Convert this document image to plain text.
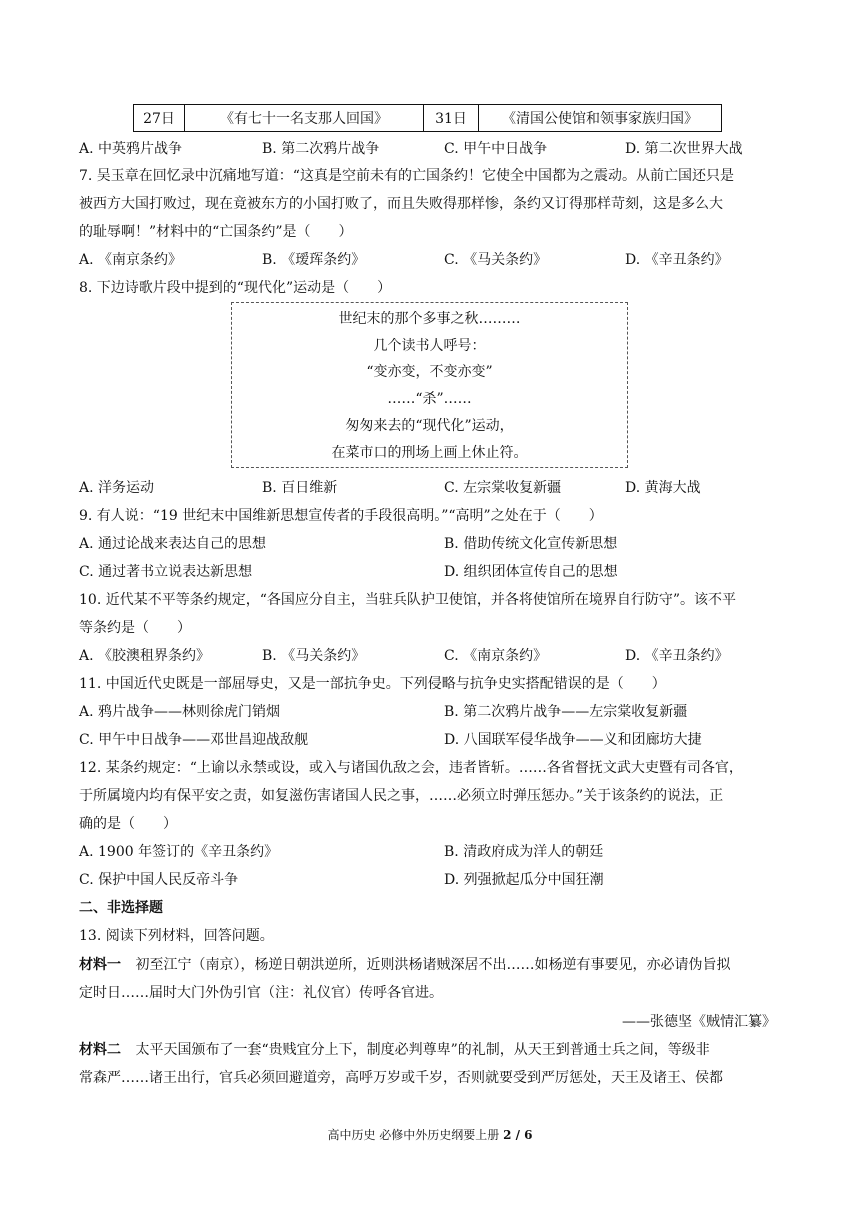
27日	《有七十一名支那人回国》	31日	《清国公使馆和领事家族归国》
A. 中英鸦片战争	B. 第二次鸦片战争	C. 甲午中日战争	D. 第二次世界大战
7. 吴玉章在回忆录中沉痛地写道：“这真是空前未有的亡国条约！它使全中国都为之震动。从前亡国还只是
被西方大国打败过，现在竟被东方的小国打败了，而且失败得那样惨，条约又订得那样苛刻，这是多么大
的耻辱啊！”材料中的“亡国条约”是（　　）
A. 《南京条约》	B. 《瑷珲条约》	C. 《马关条约》	D. 《辛丑条约》
8. 下边诗歌片段中提到的“现代化”运动是（　　）
世纪末的那个多事之秋………
几个读书人呼号：
“变亦变，不变亦变”
……“杀”……
匆匆来去的“现代化”运动，
在菜市口的刑场上画上休止符。
A. 洋务运动	B. 百日维新	C. 左宗棠收复新疆	D. 黄海大战
9. 有人说：“19 世纪末中国维新思想宣传者的手段很高明。”“高明”之处在于（　　）
A. 通过论战来表达自己的思想	B. 借助传统文化宣传新思想
C. 通过著书立说表达新思想	D. 组织团体宣传自己的思想
10. 近代某不平等条约规定，“各国应分自主，当驻兵队护卫使馆，并各将使馆所在境界自行防守”。该不平
等条约是（　　）
A. 《胶澳租界条约》	B. 《马关条约》	C. 《南京条约》	D. 《辛丑条约》
11. 中国近代史既是一部屈辱史，又是一部抗争史。下列侵略与抗争史实搭配错误的是（　　）
A. 鸦片战争——林则徐虎门销烟	B. 第二次鸦片战争——左宗棠收复新疆
C. 甲午中日战争——邓世昌迎战敌舰	D. 八国联军侵华战争——义和团廊坊大捷
12. 某条约规定：“上谕以永禁或设，或入与诸国仇敌之会，违者皆斩。……各省督抚文武大吏暨有司各官，
于所属境内均有保平安之责，如复滋伤害诸国人民之事，……必须立时弹压惩办。”关于该条约的说法，正
确的是（　　）
A. 1900 年签订的《辛丑条约》	B. 清政府成为洋人的朝廷
C. 保护中国人民反帝斗争	D. 列强掀起瓜分中国狂潮
二、非选择题
13. 阅读下列材料，回答问题。
材料一 初至江宁（南京），杨逆日朝洪逆所，近则洪杨诸贼深居不出……如杨逆有事要见，亦必请伪旨拟
定时日……届时大门外伪引官（注：礼仪官）传呼各官进。
——张德坚《贼情汇纂》
材料二 太平天国颁布了一套“贵贱宜分上下，制度必判尊卑”的礼制，从天王到普通士兵之间，等级非
常森严……诸王出行，官兵必须回避道旁，高呼万岁或千岁，否则就要受到严厉惩处，天王及诸王、侯都
高中历史 必修中外历史纲要上册 2 / 6
